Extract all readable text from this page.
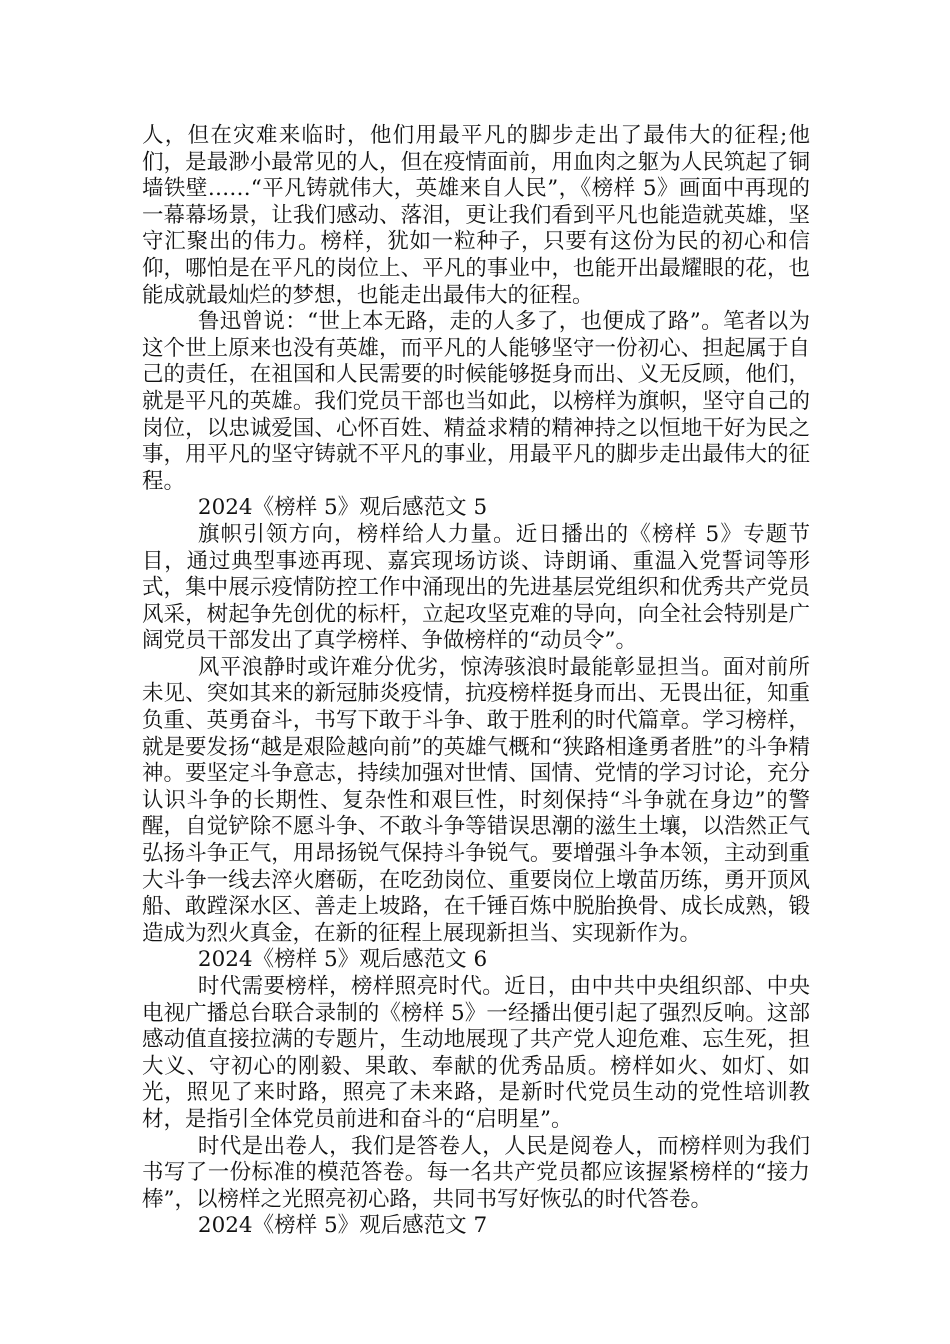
人，但在灾难来临时，他们用最平凡的脚步走出了最伟大的征程;他们，是最渺小最常见的人，但在疫情面前，用血肉之躯为人民筑起了铜墙铁壁……“平凡铸就伟大，英雄来自人民”，《榜样 5》画面中再现的一幕幕场景，让我们感动、落泪，更让我们看到平凡也能造就英雄，坚守汇聚出的伟力。榜样，犹如一粒种子，只要有这份为民的初心和信仰，哪怕是在平凡的岗位上、平凡的事业中，也能开出最耀眼的花，也能成就最灿烂的梦想，也能走出最伟大的征程。

鲁迅曾说：“世上本无路，走的人多了，也便成了路”。笔者以为这个世上原来也没有英雄，而平凡的人能够坚守一份初心、担起属于自己的责任，在祖国和人民需要的时候能够挺身而出、义无反顾，他们，就是平凡的英雄。我们党员干部也当如此，以榜样为旗帜，坚守自己的岗位，以忠诚爱国、心怀百姓、精益求精的精神持之以恒地干好为民之事，用平凡的坚守铸就不平凡的事业，用最平凡的脚步走出最伟大的征程。

2024《榜样 5》观后感范文 5

旗帜引领方向，榜样给人力量。近日播出的《榜样 5》专题节目，通过典型事迹再现、嘉宾现场访谈、诗朗诵、重温入党誓词等形式，集中展示疫情防控工作中涌现出的先进基层党组织和优秀共产党员风采，树起争先创优的标杆，立起攻坚克难的导向，向全社会特别是广阔党员干部发出了真学榜样、争做榜样的“动员令”。

风平浪静时或许难分优劣，惊涛骇浪时最能彰显担当。面对前所未见、突如其来的新冠肺炎疫情，抗疫榜样挺身而出、无畏出征，知重负重、英勇奋斗，书写下敢于斗争、敢于胜利的时代篇章。学习榜样，就是要发扬“越是艰险越向前”的英雄气概和“狭路相逢勇者胜”的斗争精神。要坚定斗争意志，持续加强对世情、国情、党情的学习讨论，充分认识斗争的长期性、复杂性和艰巨性，时刻保持“斗争就在身边”的警醒，自觉铲除不愿斗争、不敢斗争等错误思潮的滋生土壤，以浩然正气弘扬斗争正气，用昂扬锐气保持斗争锐气。要增强斗争本领，主动到重大斗争一线去淬火磨砺，在吃劲岗位、重要岗位上墩苗历练，勇开顶风船、敢蹚深水区、善走上坡路，在千锤百炼中脱胎换骨、成长成熟，锻造成为烈火真金，在新的征程上展现新担当、实现新作为。

2024《榜样 5》观后感范文 6

时代需要榜样，榜样照亮时代。近日，由中共中央组织部、中央电视广播总台联合录制的《榜样 5》一经播出便引起了强烈反响。这部感动值直接拉满的专题片，生动地展现了共产党人迎危难、忘生死，担大义、守初心的刚毅、果敢、奉献的优秀品质。榜样如火、如灯、如光，照见了来时路，照亮了未来路，是新时代党员生动的党性培训教材，是指引全体党员前进和奋斗的“启明星”。

时代是出卷人，我们是答卷人，人民是阅卷人，而榜样则为我们书写了一份标准的模范答卷。每一名共产党员都应该握紧榜样的“接力棒”，以榜样之光照亮初心路，共同书写好恢弘的时代答卷。

2024《榜样 5》观后感范文 7
